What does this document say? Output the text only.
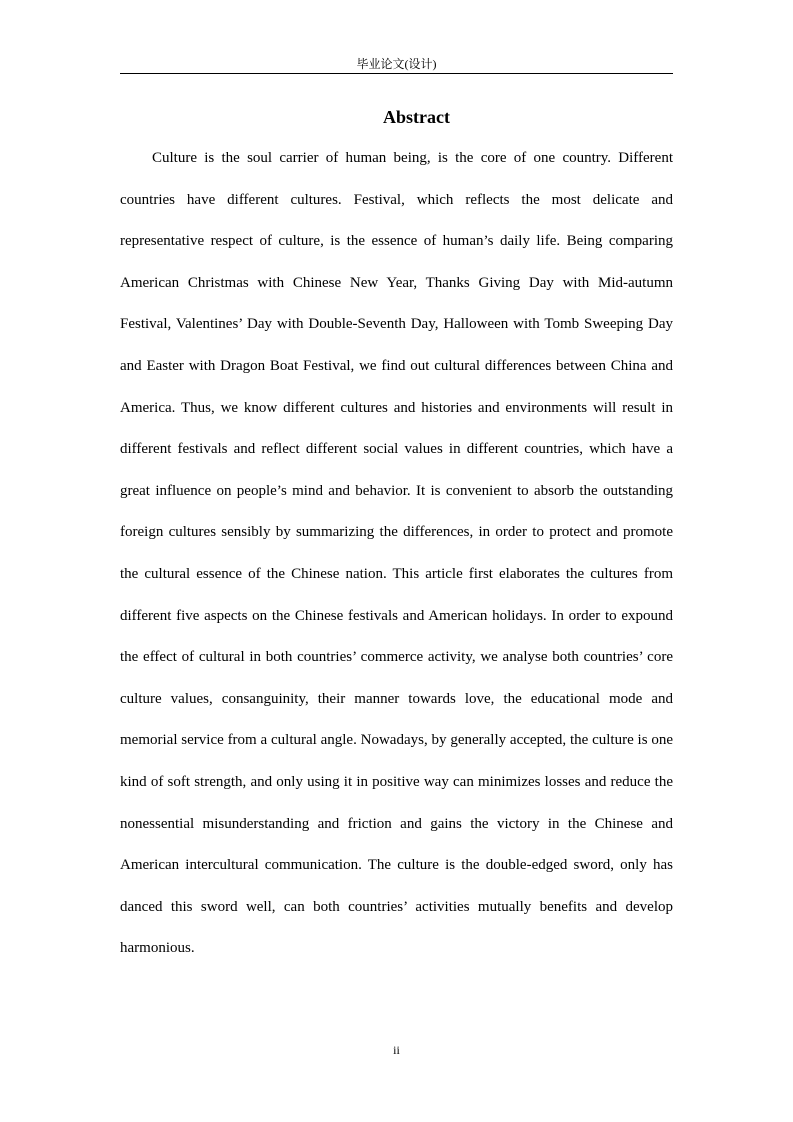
毕业论文(设计)
Abstract

Culture is the soul carrier of human being, is the core of one country. Different countries have different cultures. Festival, which reflects the most delicate and representative respect of culture, is the essence of human’s daily life. Being comparing American Christmas with Chinese New Year, Thanks Giving Day with Mid-autumn Festival, Valentines’ Day with Double-Seventh Day, Halloween with Tomb Sweeping Day and Easter with Dragon Boat Festival, we find out cultural differences between China and America. Thus, we know different cultures and histories and environments will result in different festivals and reflect different social values in different countries, which have a great influence on people’s mind and behavior. It is convenient to absorb the outstanding foreign cultures sensibly by summarizing the differences, in order to protect and promote the cultural essence of the Chinese nation. This article first elaborates the cultures from different five aspects on the Chinese festivals and American holidays. In order to expound the effect of cultural in both countries’ commerce activity, we analyse both countries’ core culture values, consanguinity, their manner towards love, the educational mode and memorial service from a cultural angle. Nowadays, by generally accepted, the culture is one kind of soft strength, and only using it in positive way can minimizes losses and reduce the nonessential misunderstanding and friction and gains the victory in the Chinese and American intercultural communication. The culture is the double-edged sword, only has danced this sword well, can both countries’ activities mutually benefits and develop harmonious.

ii
